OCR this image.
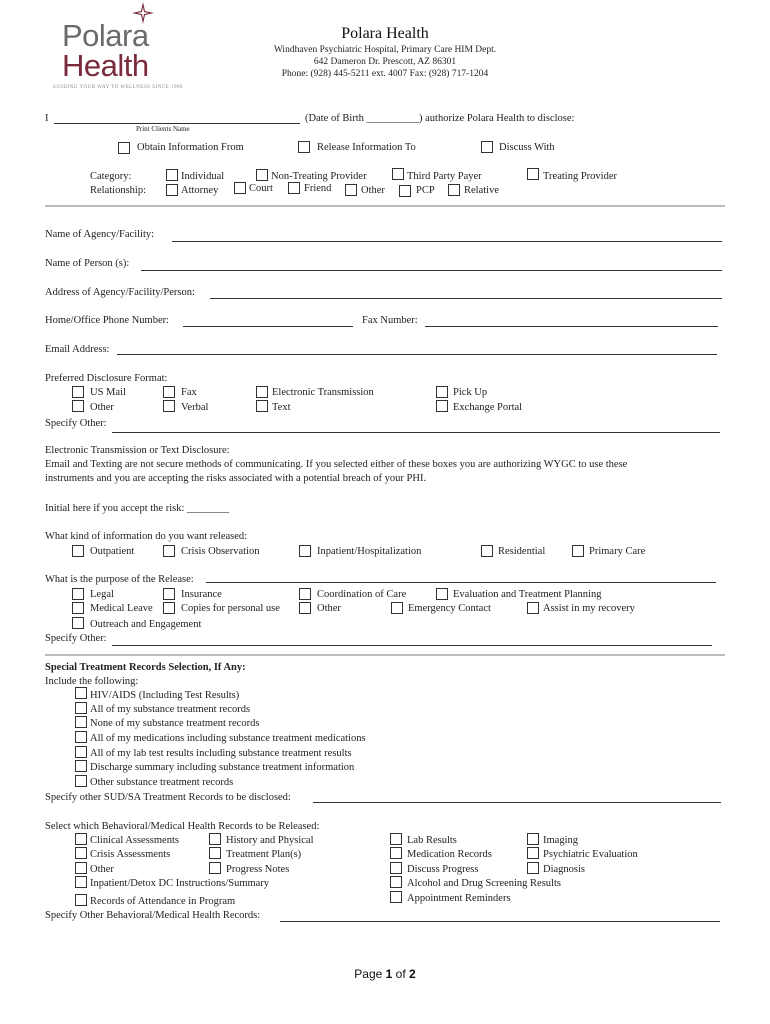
Polara
Health
GUIDING YOUR WAY TO WELLNESS SINCE 1988
Polara Health
Windhaven Psychiatric Hospital, Primary Care HIM Dept.
642 Dameron Dr. Prescott, AZ 86301
Phone: (928) 445-5211 ext. 4007 Fax: (928) 717-1204
I	(Date of Birth __________) authorize Polara Health to disclose:
Print Clients Name
Obtain Information From	Release Information To	Discuss With
Category:
Relationship:
Individual	Non-Treating Provider	Third Party Payer	Treating Provider
Attorney	Court	Friend	Other	PCP	Relative
Name of Agency/Facility:
Name of Person (s):
Address of Agency/Facility/Person:
Home/Office Phone Number:	Fax Number:
Email Address:
Preferred Disclosure Format:
US Mail	Fax	Electronic Transmission	Pick Up
Other	Verbal	Text	Exchange Portal
Specify Other:
Electronic Transmission or Text Disclosure:
Email and Texting are not secure methods of communicating. If you selected either of these boxes you are authorizing WYGC to use these
instruments and you are accepting the risks associated with a potential breach of your PHI.
Initial here if you accept the risk: ________
What kind of information do you want released:
Outpatient	Crisis Observation	Inpatient/Hospitalization	Residential	Primary Care
What is the purpose of the Release:
Legal	Insurance	Coordination of Care	Evaluation and Treatment Planning
Medical Leave	Copies for personal use	Other	Emergency Contact	Assist in my recovery
Outreach and Engagement
Specify Other:
Special Treatment Records Selection, If Any:
Include the following:
HIV/AIDS (Including Test Results)
All of my substance treatment records
None of my substance treatment records
All of my medications including substance treatment medications
All of my lab test results including substance treatment results
Discharge summary including substance treatment information
Other substance treatment records
Specify other SUD/SA Treatment Records to be disclosed:
Select which Behavioral/Medical Health Records to be Released:
Clinical Assessments	History and Physical	Lab Results	Imaging
Crisis Assessments	Treatment Plan(s)	Medication Records	Psychiatric Evaluation
Other	Progress Notes	Discuss Progress	Diagnosis
Inpatient/Detox DC Instructions/Summary	Alcohol and Drug Screening Results
Appointment Reminders
Records of Attendance in Program
Specify Other Behavioral/Medical Health Records:
Page 1 of 2
